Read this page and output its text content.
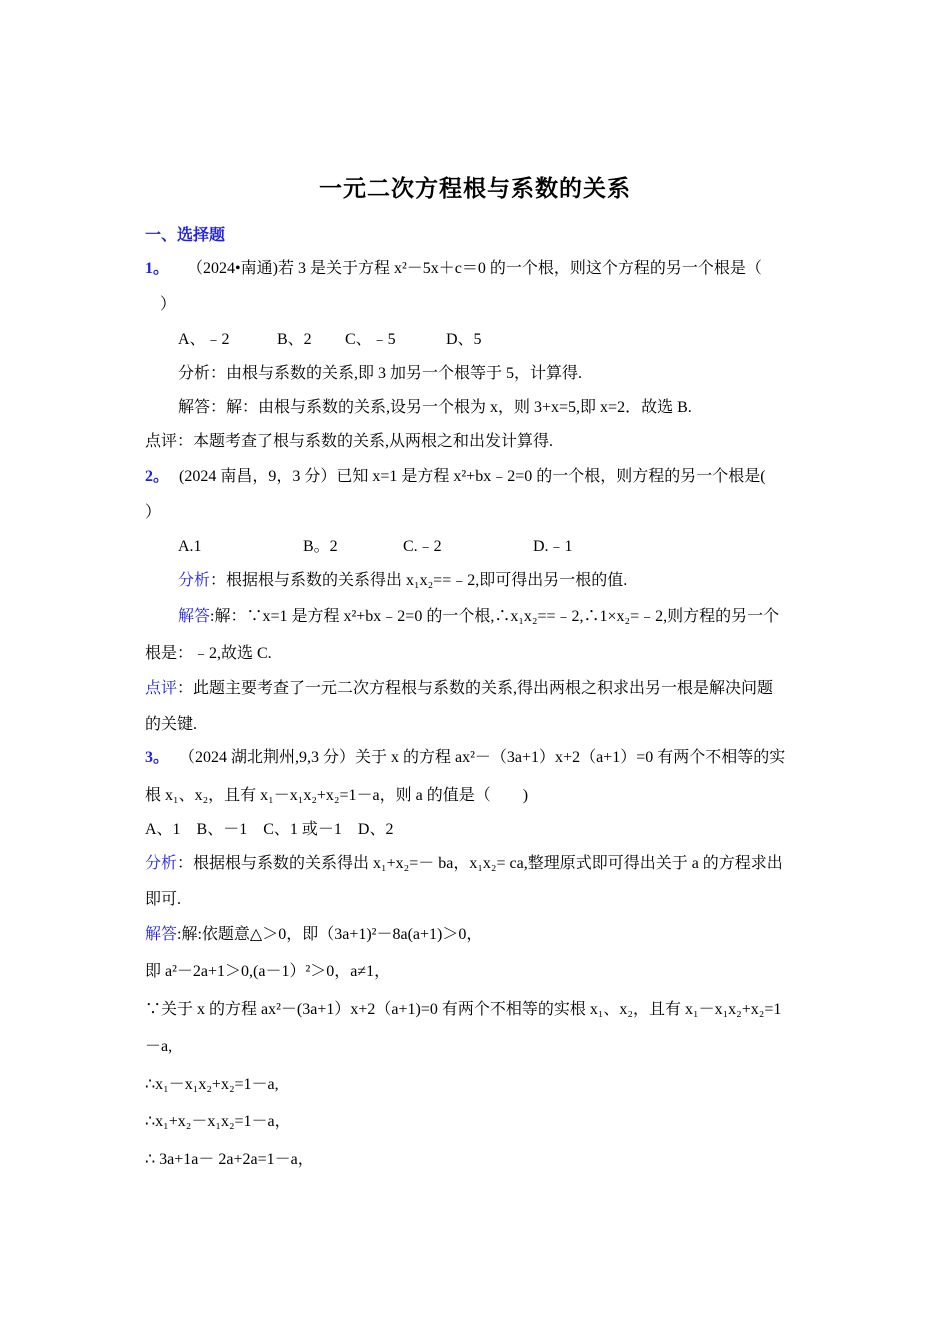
一元二次方程根与系数的关系
一、选择题
1。 （2024•南通)若 3 是关于方程 x²－5x＋c＝0 的一个根，则这个方程的另一个根是（
）
A、﹣2	B、2 C、﹣5	D、5
分析：由根与系数的关系,即 3 加另一个根等于 5，计算得.
解答：解：由根与系数的关系,设另一个根为 x，则 3+x=5,即 x=2．故选 B.
点评：本题考查了根与系数的关系,从两根之和出发计算得.
2。 (2024 南昌，9，3 分）已知 x=1 是方程 x²+bx﹣2=0 的一个根，则方程的另一个根是(
）
A.1	B。2	C.﹣2	D.﹣1
分析：根据根与系数的关系得出 x₁x₂==﹣2,即可得出另一根的值.
解答:解：∵x=1 是方程 x²+bx﹣2=0 的一个根,∴x₁x₂==﹣2,∴1×x₂=﹣2,则方程的另一个
根是：﹣2,故选 C.
点评：此题主要考查了一元二次方程根与系数的关系,得出两根之积求出另一根是解决问题
的关键.
3。 （2024 湖北荆州,9,3 分）关于 x 的方程 ax²－（3a+1）x+2（a+1）=0 有两个不相等的实
根 x₁、x₂，且有 x₁－x₁x₂+x₂=1－a，则 a 的值是（　　)
A、1　B、－1　C、1 或－1　D、2
分析：根据根与系数的关系得出 x₁+x₂=－ ba，x₁x₂= ca,整理原式即可得出关于 a 的方程求出
即可.
解答:解:依题意△＞0，即（3a+1)²－8a(a+1)＞0，
即 a²－2a+1＞0,(a－1）²＞0，a≠1，
∵关于 x 的方程 ax²－(3a+1）x+2（a+1)=0 有两个不相等的实根 x₁、x₂，且有 x₁－x₁x₂+x₂=1
－a,
∴x₁－x₁x₂+x₂=1－a,
∴x₁+x₂－x₁x₂=1－a，
∴ 3a+1a－ 2a+2a=1－a，
